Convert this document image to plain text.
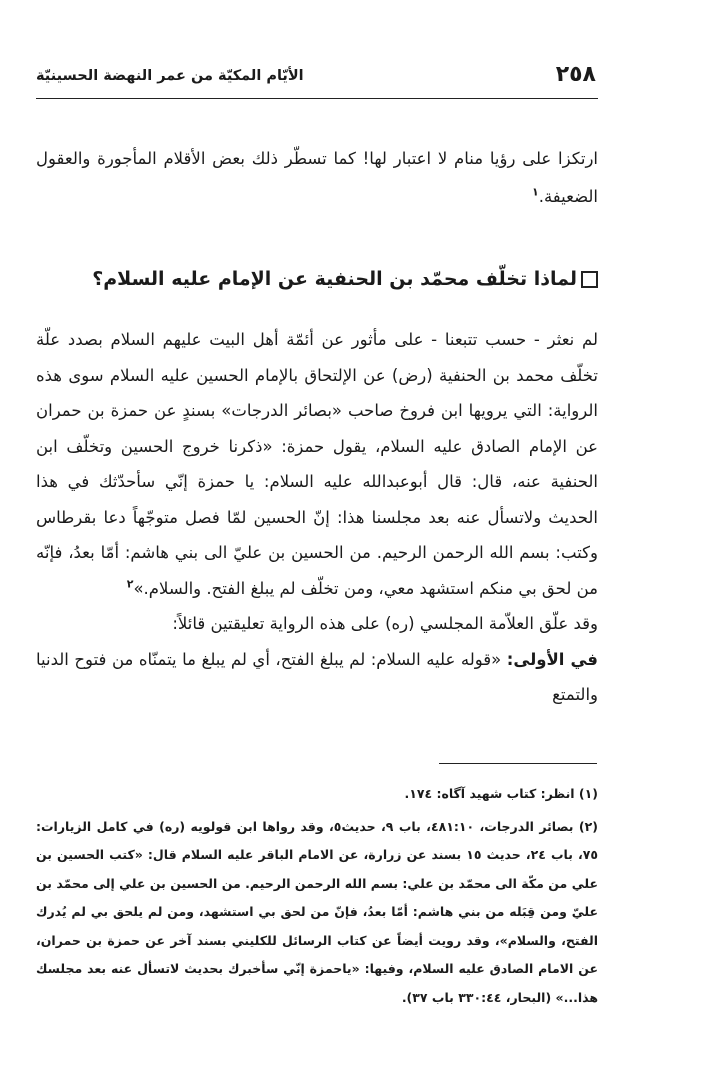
٢٥٨
الأيّام المكيّة من عمر النهضة الحسينيّة

ارتكزا على رؤيا منام لا اعتبار لها! كما تسطّر ذلك بعض الأقلام المأجورة والعقول الضعيفة.$^١$

لماذا تخلّف محمّد بن الحنفية عن الإمام عليه السلام؟

لم نعثر - حسب تتبعنا - على مأثور عن أئمّة أهل البيت عليهم السلام بصدد علّة تخلّف محمد بن الحنفية (رض) عن الإلتحاق بالإمام الحسين عليه السلام سوى هذه الرواية: التي يرويها ابن فروخ صاحب «بصائر الدرجات» بسندٍ عن حمزة بن حمران عن الإمام الصادق عليه السلام، يقول حمزة: «ذكرنا خروج الحسين وتخلّف ابن الحنفية عنه، قال: قال أبوعبدالله عليه السلام: يا حمزة إنّي سأحدّثك في هذا الحديث ولاتسأل عنه بعد مجلسنا هذا: إنّ الحسين لمّا فصل متوجّهاً دعا بقرطاس وكتب: بسم الله الرحمن الرحيم. من الحسين بن عليّ الى بني هاشم: أمّا بعدُ، فإنّه من لحق بي منكم استشهد معي، ومن تخلّف لم يبلغ الفتح. والسلام.»$^٢$

وقد علّق العلاّمة المجلسي (ره) على هذه الرواية تعليقتين قائلاً:

في الأولى: «قوله عليه السلام: لم يبلغ الفتح، أي لم يبلغ ما يتمنّاه من فتوح الدنيا والتمتع

(١) انظر: كتاب شهيد آگاه: ١٧٤.

(٢) بصائر الدرجات، ٤٨١:١٠، باب ٩، حديث٥، وقد رواها ابن قولويه (ره) في كامل الزيارات: ٧٥، باب ٢٤، حديث ١٥ بسند عن زرارة، عن الامام الباقر عليه السلام قال: «كتب الحسين بن علي من مكّة الى محمّد بن علي: بسم الله الرحمن الرحيم. من الحسين بن علي إلى محمّد بن عليّ ومن قِبَله من بني هاشم: أمّا بعدُ، فإنّ من لحق بي استشهد، ومن لم يلحق بي لم يُدرك الفتح، والسلام»، وقد رويت أيضاً عن كتاب الرسائل للكليني بسند آخر عن حمزة بن حمران، عن الامام الصادق عليه السلام، وفيها: «ياحمزة إنّي سأخبرك بحديث لاتسأل عنه بعد مجلسك هذا...» (البحار، ٣٣٠:٤٤ باب ٣٧).
